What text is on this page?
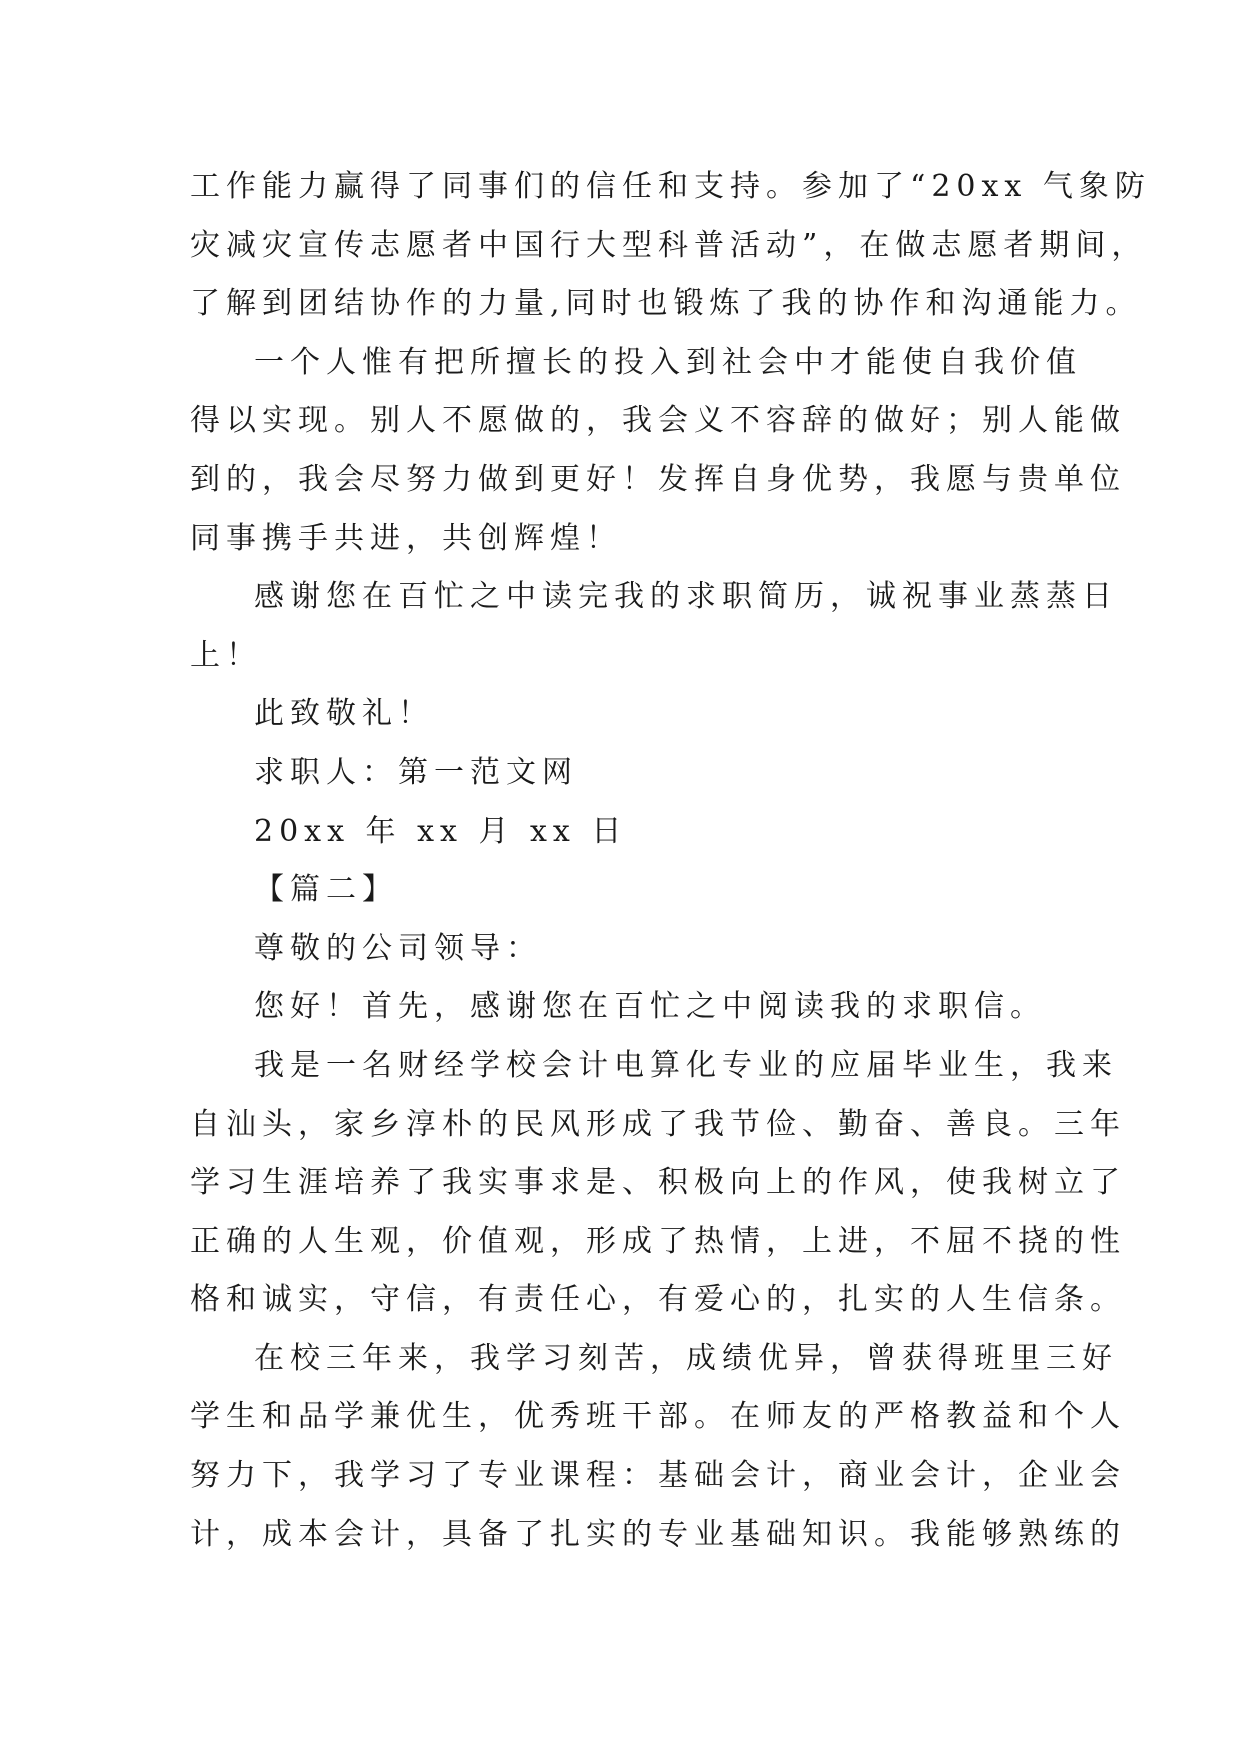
工作能力赢得了同事们的信任和支持。参加了“20xx 气象防
灾减灾宣传志愿者中国行大型科普活动”，在做志愿者期间，
了解到团结协作的力量,同时也锻炼了我的协作和沟通能力。
一个人惟有把所擅长的投入到社会中才能使自我价值
得以实现。别人不愿做的，我会义不容辞的做好；别人能做
到的，我会尽努力做到更好！发挥自身优势，我愿与贵单位
同事携手共进，共创辉煌！
感谢您在百忙之中读完我的求职简历，诚祝事业蒸蒸日
上！
此致敬礼！
求职人：第一范文网
20xx 年 xx 月 xx 日
【篇二】
尊敬的公司领导：
您好！首先，感谢您在百忙之中阅读我的求职信。
我是一名财经学校会计电算化专业的应届毕业生，我来
自汕头，家乡淳朴的民风形成了我节俭、勤奋、善良。三年
学习生涯培养了我实事求是、积极向上的作风，使我树立了
正确的人生观，价值观，形成了热情，上进，不屈不挠的性
格和诚实，守信，有责任心，有爱心的，扎实的人生信条。
在校三年来，我学习刻苦，成绩优异，曾获得班里三好
学生和品学兼优生，优秀班干部。在师友的严格教益和个人
努力下，我学习了专业课程：基础会计，商业会计，企业会
计，成本会计，具备了扎实的专业基础知识。我能够熟练的
